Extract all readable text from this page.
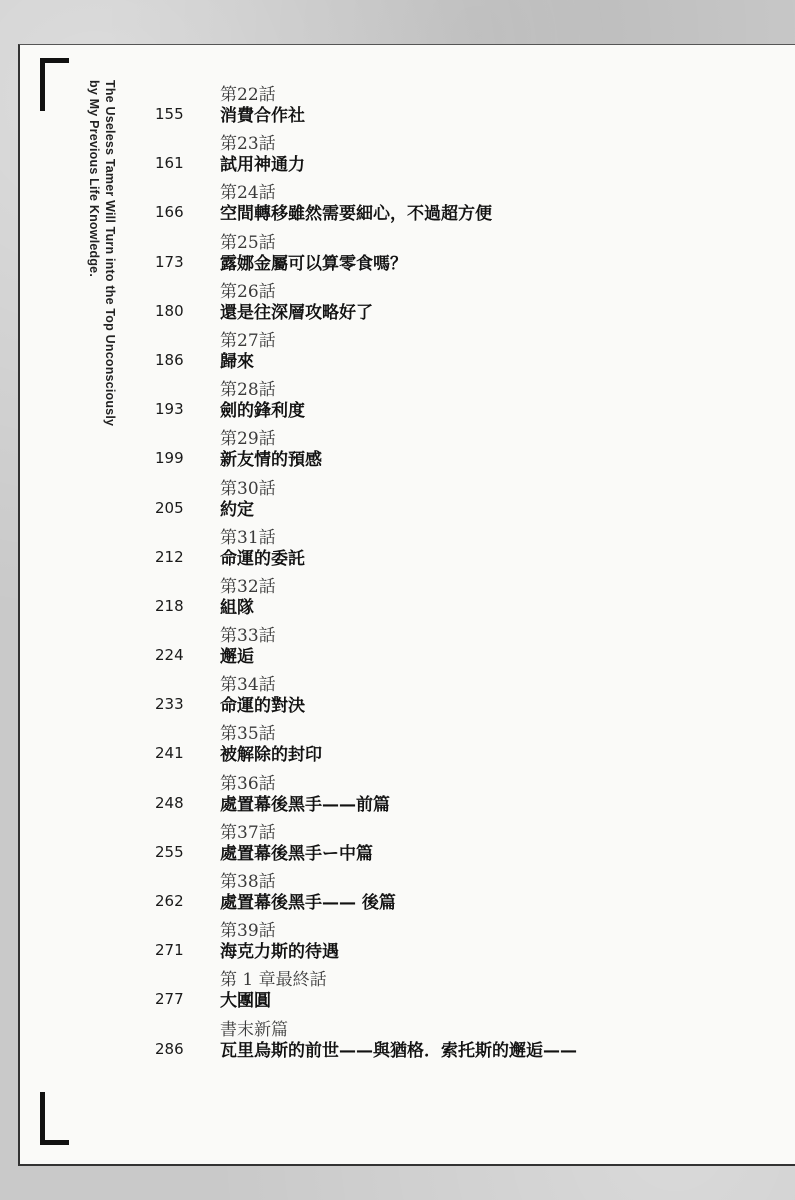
The Useless Tamer Will Turn into the Top Unconsciously
by My Previous Life Knowledge.	第22話
155 消費合作社
第23話
161 試用神通力
第24話
166 空間轉移雖然需要細心，不過超方便
第25話
173 露娜金屬可以算零食嗎？
第26話
180 還是往深層攻略好了
第27話
186 歸來
第28話
193 劍的鋒利度
第29話
199 新友情的預感
第30話
205 約定
第31話
212 命運的委託
第32話
218 組隊
第33話
224 邂逅
第34話
233 命運的對決
第35話
241 被解除的封印
第36話
248 處置幕後黑手——前篇
第37話
255 處置幕後黑手ー中篇
第38話
262 處置幕後黑手—— 後篇
第39話
271 海克力斯的待遇
第 1 章最終話
277 大團圓
書末新篇
286 瓦里烏斯的前世——與猶格．索托斯的邂逅——
